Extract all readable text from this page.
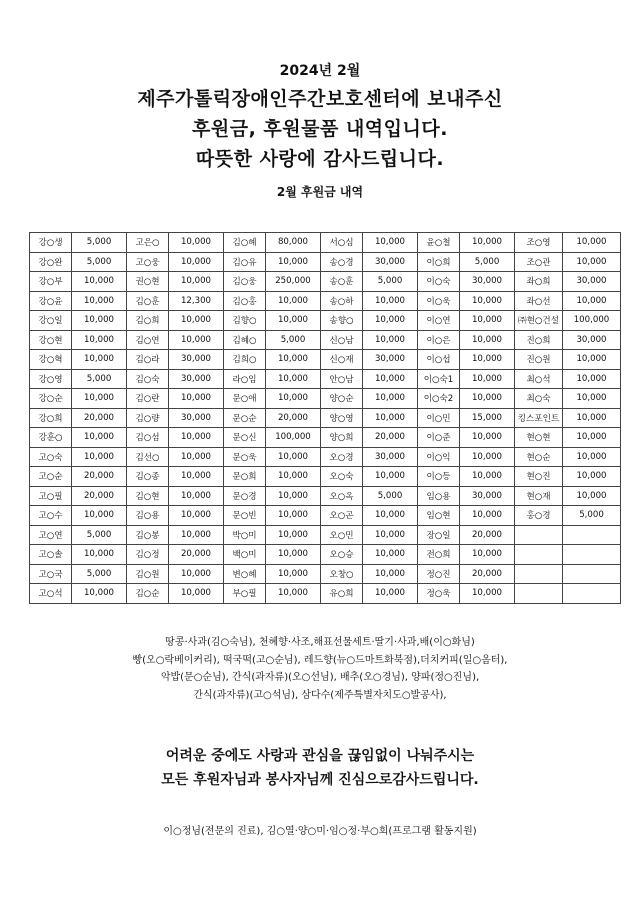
2024년 2월
제주가톨릭장애인주간보호센터에 보내주신
후원금, 후원물품 내역입니다.
따뜻한 사랑에 감사드립니다.
2월 후원금 내역
강○생	5,000	고은○	10,000	김○혜	80,000	서○심	10,000	윤○철	10,000	조○영	10,000
강○완	5,000	고○웅	10,000	김○유	10,000	송○경	30,000	이○희	5,000	조○관	10,000
강○부	10,000	권○현	10,000	김○웅	250,000	송○훈	5,000	이○숙	30,000	좌○희	30,000
강○윤	10,000	김○훈	12,300	김○홍	10,000	송○하	10,000	이○욱	10,000	좌○선	10,000
강○일	10,000	김○희	10,000	김향○	10,000	송향○	10,000	이○연	10,000	㈜현○건설	100,000
강○현	10,000	김○연	10,000	김혜○	5,000	신○남	10,000	이○은	10,000	진○희	30,000
강○혁	10,000	김○라	30,000	김희○	10,000	신○재	30,000	이○섭	10,000	진○원	10,000
강○영	5,000	김○숙	30,000	라○임	10,000	안○남	10,000	이○숙1	10,000	최○석	10,000
강○순	10,000	김○란	10,000	문○애	10,000	양○순	10,000	이○숙2	10,000	최○숙	10,000
강○희	20,000	김○량	30,000	문○순	20,000	양○영	10,000	이○민	15,000	킹스포인트	10,000
강훈○	10,000	김○섬	10,000	문○신	100,000	양○희	20,000	이○준	10,000	현○현	10,000
고○숙	10,000	김선○	10,000	문○욱	10,000	오○경	30,000	이○익	10,000	현○순	10,000
고○순	20,000	김○종	10,000	문○희	10,000	오○숙	10,000	이○등	10,000	현○진	10,000
고○필	20,000	김○현	10,000	문○경	10,000	오○옥	5,000	임○용	30,000	현○재	10,000
고○수	10,000	김○용	10,000	문○빈	10,000	오○곤	10,000	임○현	10,000	홍○경	5,000
고○연	5,000	김○봉	10,000	박○미	10,000	오○민	10,000	장○일	20,000		
고○솔	10,000	김○정	20,000	백○미	10,000	오○승	10,000	전○희	10,000		
고○국	5,000	김○원	10,000	변○혜	10,000	오창○	10,000	정○진	20,000		
고○석	10,000	김○순	10,000	부○필	10,000	유○희	10,000	정○욱	10,000		
땅콩·사과(김○숙님), 천혜향·사조,해표선물세트·딸기·사과,배(이○화님)
빵(오○락베이커리), 떡국떡(고○순님), 레드향(뉴○드마트화북점),더치커피(일○옴터),
악밥(문○순님), 간식(과자류)(오○선님), 배추(오○경님), 양파(정○진님),
간식(과자류)(고○석님), 삼다수(제주특별자치도○발공사),
어려운 중에도 사랑과 관심을 끊임없이 나눠주시는
모든 후원자님과 봉사자님께 진심으로감사드립니다.
이○정님(전문의 진료), 김○열·양○미·임○정·부○희(프로그램 활동지원)
